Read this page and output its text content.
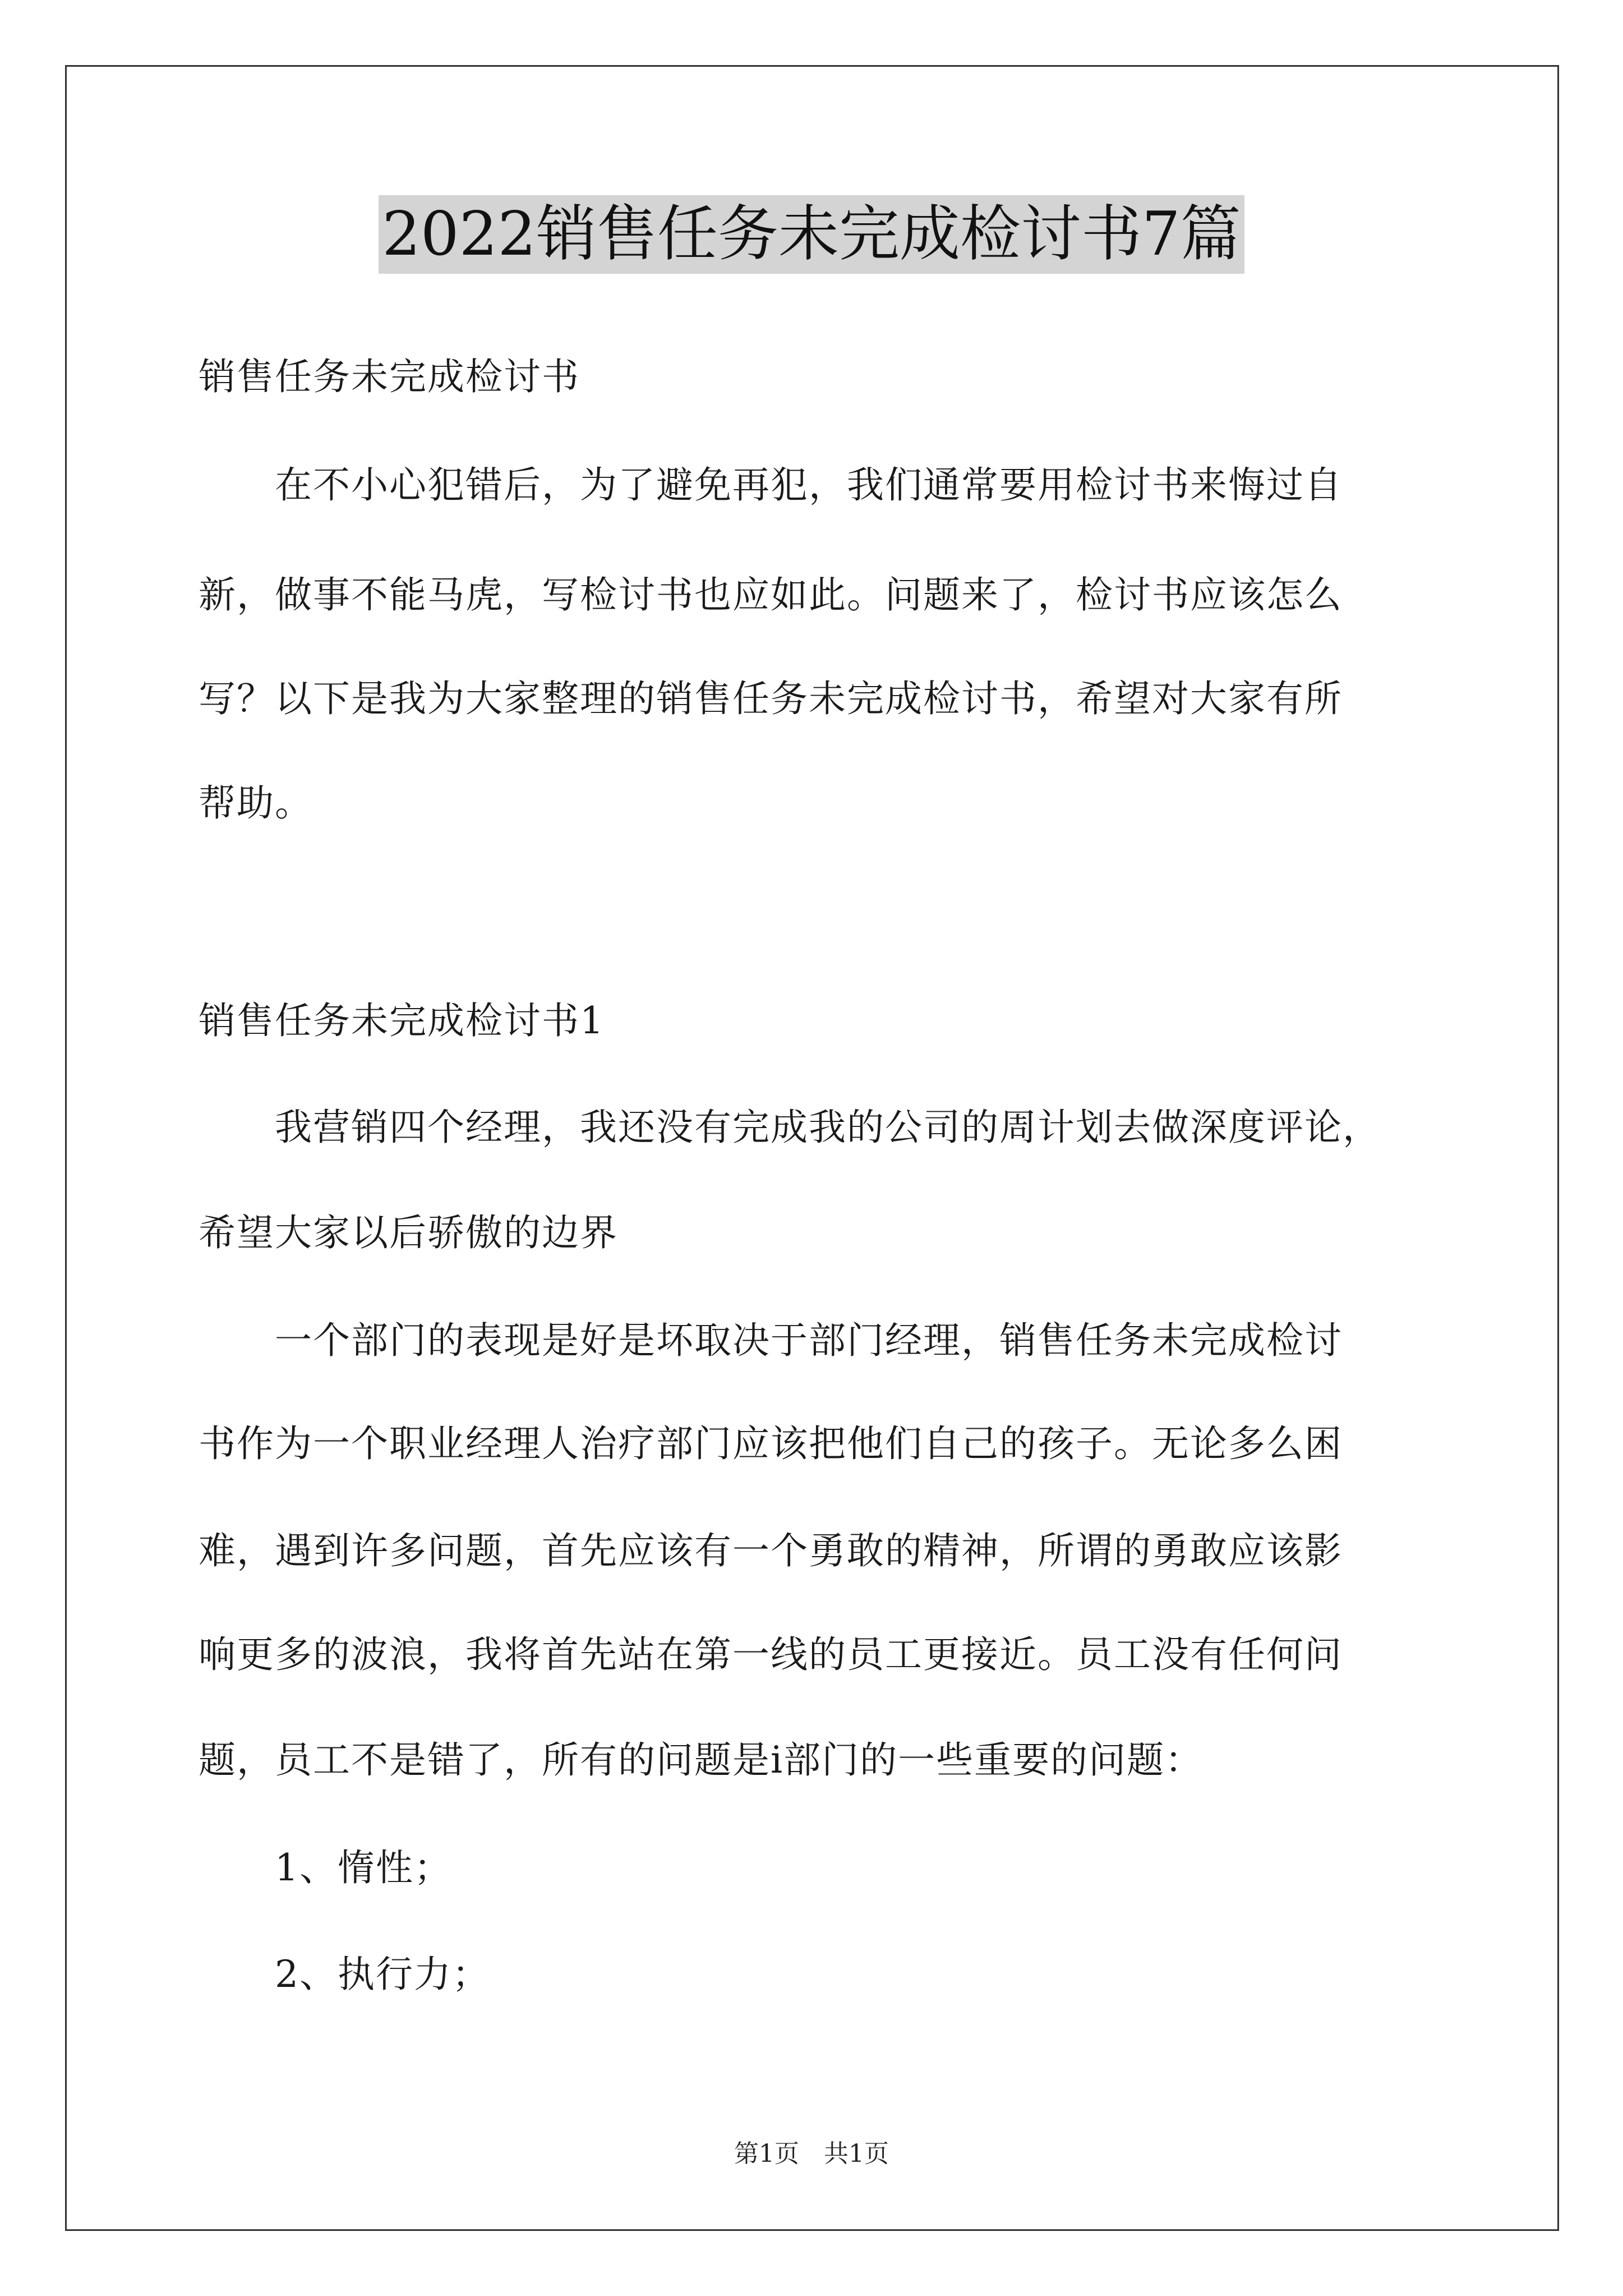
2022销售任务未完成检讨书7篇
销售任务未完成检讨书
　　在不小心犯错后，为了避免再犯，我们通常要用检讨书来悔过自
新，做事不能马虎，写检讨书也应如此。问题来了，检讨书应该怎么
写？以下是我为大家整理的销售任务未完成检讨书，希望对大家有所
帮助。
销售任务未完成检讨书1
　　我营销四个经理，我还没有完成我的公司的周计划去做深度评论，
希望大家以后骄傲的边界
　　一个部门的表现是好是坏取决于部门经理，销售任务未完成检讨
书作为一个职业经理人治疗部门应该把他们自己的孩子。无论多么困
难，遇到许多问题，首先应该有一个勇敢的精神，所谓的勇敢应该影
响更多的波浪，我将首先站在第一线的员工更接近。员工没有任何问
题，员工不是错了，所有的问题是i部门的一些重要的问题：
　　1、惰性；
　　2、执行力；
第1页　共1页
